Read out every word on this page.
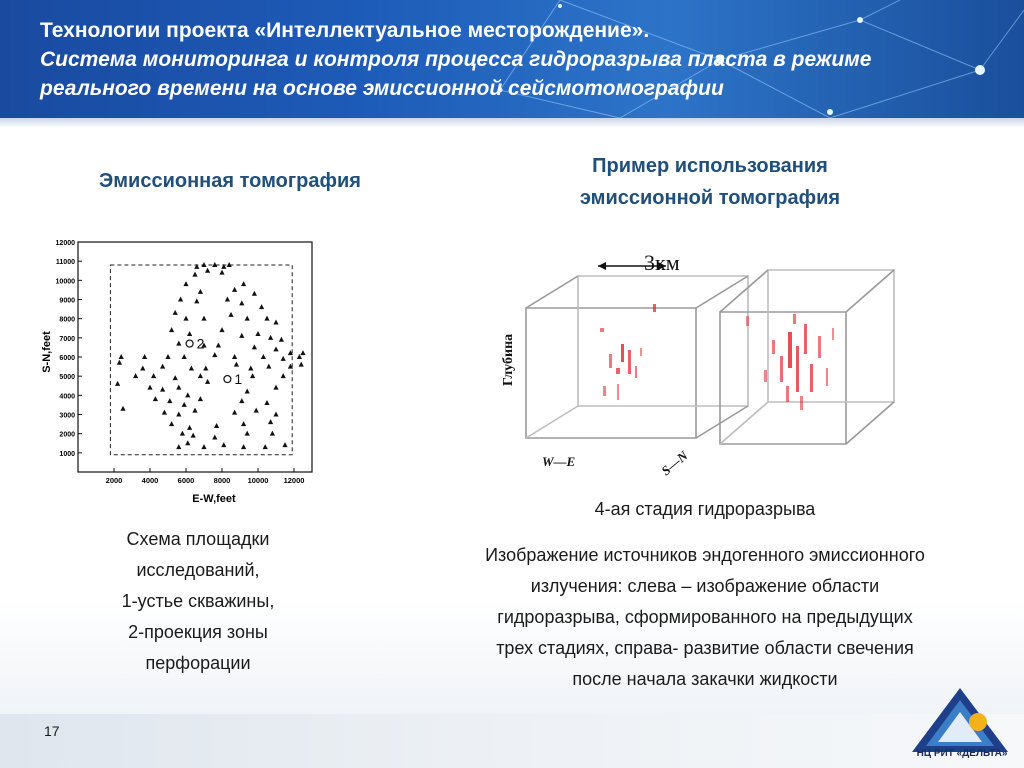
Технологии проекта «Интеллектуальное месторождение».
Система мониторинга и контроля процесса гидроразрыва пласта в режиме
реального времени на основе эмиссионной сейсмотомографии
Эмиссионная томография
Пример использования
эмиссионной томография
2000	4000	6000	8000 10000 12000
1000
2000
3000
4000
5000
6000
7000
8000
9000
10000
11000
12000
1
2
E-W,feet
S-N,feet
3км
Глубина
W—E	S—N
4-ая стадия гидроразрыва
Схема площадки
исследований,
1-устье скважины,
2-проекция зоны
перфорации
Изображение источников эндогенного эмиссионного
излучения: слева – изображение области
гидроразрыва, сформированного на предыдущих
трех стадиях, справа- развитие области свечения
после начала закачки жидкости
17
НЦ РИТ «ДЕЛЬТА»
